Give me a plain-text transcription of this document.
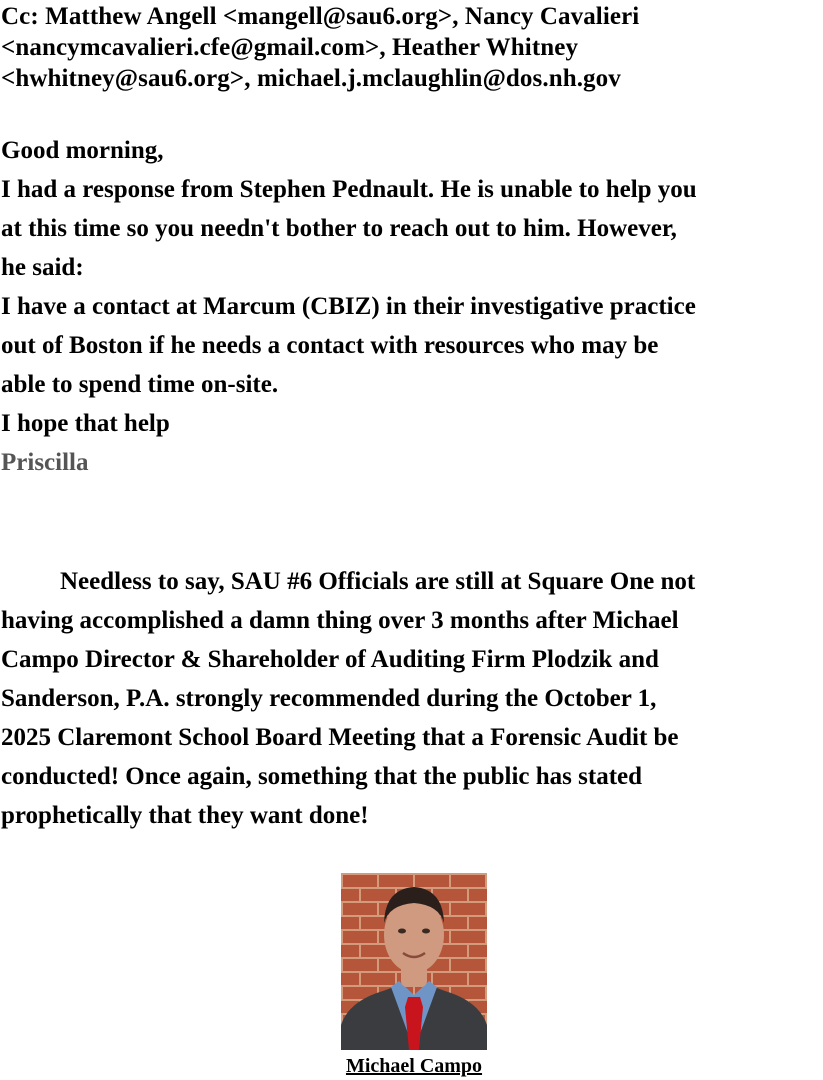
Cc: Matthew Angell <mangell@sau6.org>, Nancy Cavalieri
<nancymcavalieri.cfe@gmail.com>, Heather Whitney
<hwhitney@sau6.org>, michael.j.mclaughlin@dos.nh.gov
Good morning,
I had a response from Stephen Pednault. He is unable to help you
at this time so you needn't bother to reach out to him. However,
he said:
I have a contact at Marcum (CBIZ) in their investigative practice
out of Boston if he needs a contact with resources who may be
able to spend time on-site.
I hope that help
Priscilla
Needless to say, SAU #6 Officials are still at Square One not
having accomplished a damn thing over 3 months after Michael
Campo Director & Shareholder of Auditing Firm Plodzik and
Sanderson, P.A. strongly recommended during the October 1,
2025 Claremont School Board Meeting that a Forensic Audit be
conducted! Once again, something that the public has stated
prophetically that they want done!
Michael Campo
